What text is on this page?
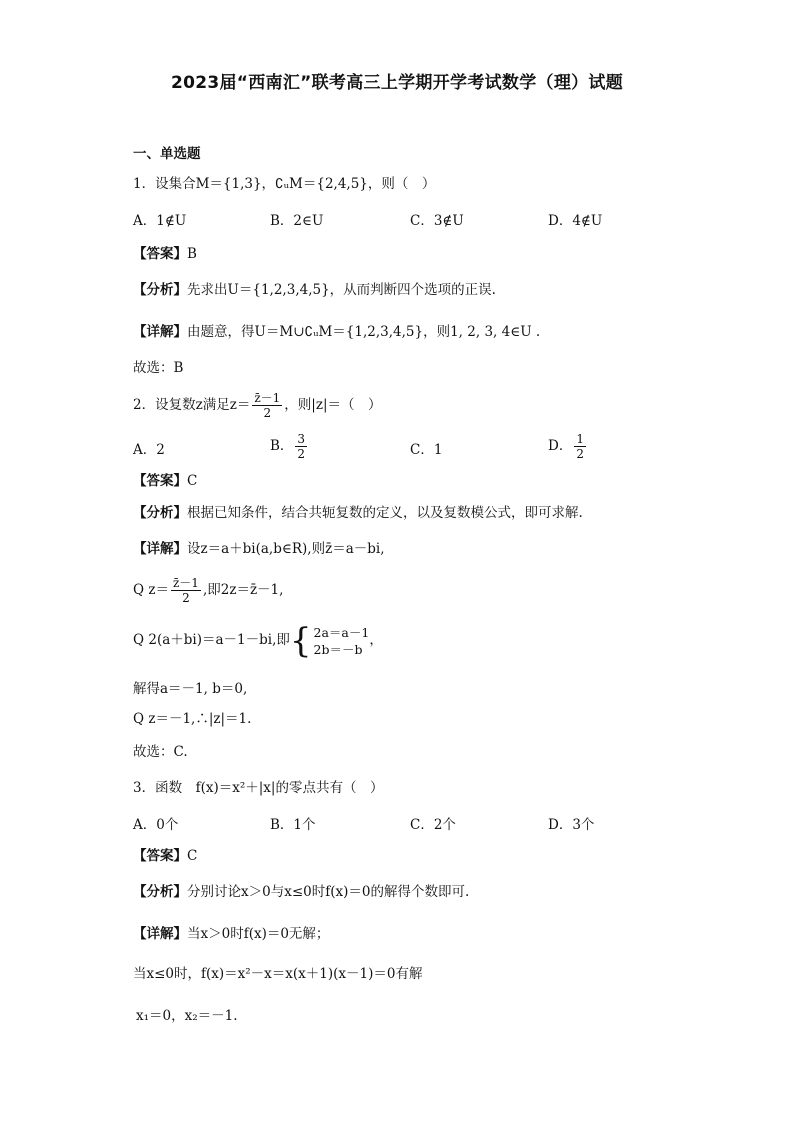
2023届“西南汇”联考高三上学期开学考试数学（理）试题
一、单选题
1．设集合M＝{1,3}，∁ᵤM＝{2,4,5}，则（　）
A．1∉U	B．2∈U	C．3∉U	D．4∉U
【答案】B
【分析】先求出U＝{1,2,3,4,5}，从而判断四个选项的正误.
【详解】由题意，得U＝M∪∁ᵤM＝{1,2,3,4,5}，则1, 2, 3, 4∈U .
故选：B
2．设复数z满足$z= \frac{z̄-1}{2}$ ，则|z|＝（　）
A．2	B． $\frac{3}{2}$	C．1	D． $\frac{1}{2}$
【答案】C
【分析】根据已知条件，结合共轭复数的定义，以及复数模公式，即可求解.
【详解】设z＝a＋bi(a,b∈R),则z̄＝a－bi,
Q $z= \frac{z̄-1}{2}$ ,即2z＝z̄－1,
Q 2(a＋bi)＝a－1－bi,即 { 2a＝a－1
2b＝－b
，
解得a＝－1, b＝0,
Q z＝－1,∴|z|＝1.
故选：C.
3．函数　f(x)＝x²＋|x|的零点共有（　）
A．0个	B．1个	C．2个	D．3个
【答案】C
【分析】分别讨论x＞0与x≤0时f(x)＝0的解得个数即可.
【详解】当x＞0时f(x)＝0无解；
当x≤0时，f(x)＝x²－x＝x(x＋1)(x－1)＝0有解
x₁＝0，x₂＝－1.
